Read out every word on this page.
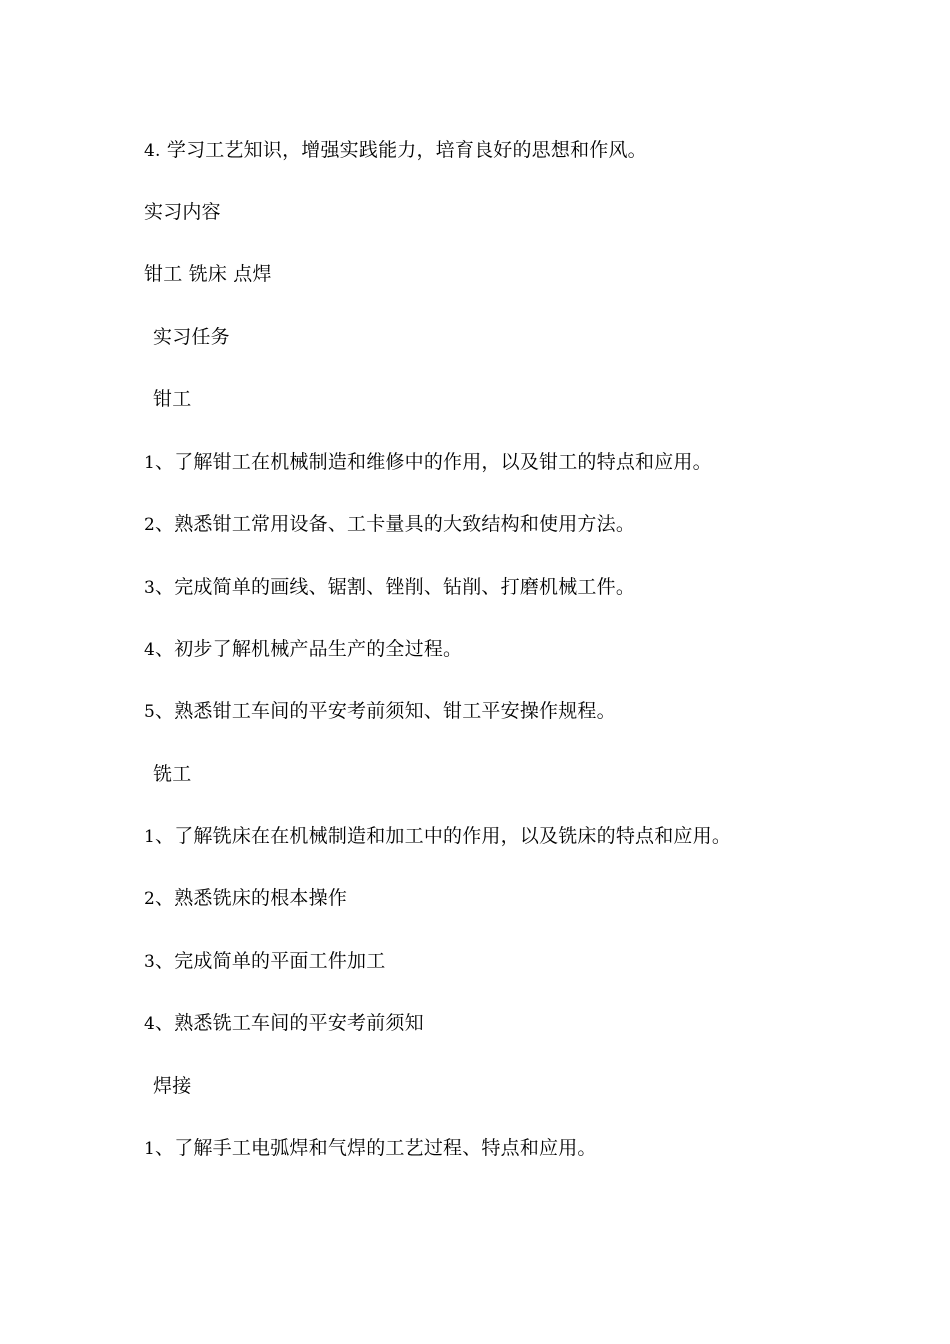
4. 学习工艺知识，增强实践能力，培育良好的思想和作风。
实习内容
钳工 铣床 点焊
实习任务
钳工
1、了解钳工在机械制造和维修中的作用，以及钳工的特点和应用。
2、熟悉钳工常用设备、工卡量具的大致结构和使用方法。
3、完成简单的画线、锯割、锉削、钻削、打磨机械工件。
4、初步了解机械产品生产的全过程。
5、熟悉钳工车间的平安考前须知、钳工平安操作规程。
铣工
1、了解铣床在在机械制造和加工中的作用，以及铣床的特点和应用。
2、熟悉铣床的根本操作
3、完成简单的平面工件加工
4、熟悉铣工车间的平安考前须知
焊接
1、了解手工电弧焊和气焊的工艺过程、特点和应用。
